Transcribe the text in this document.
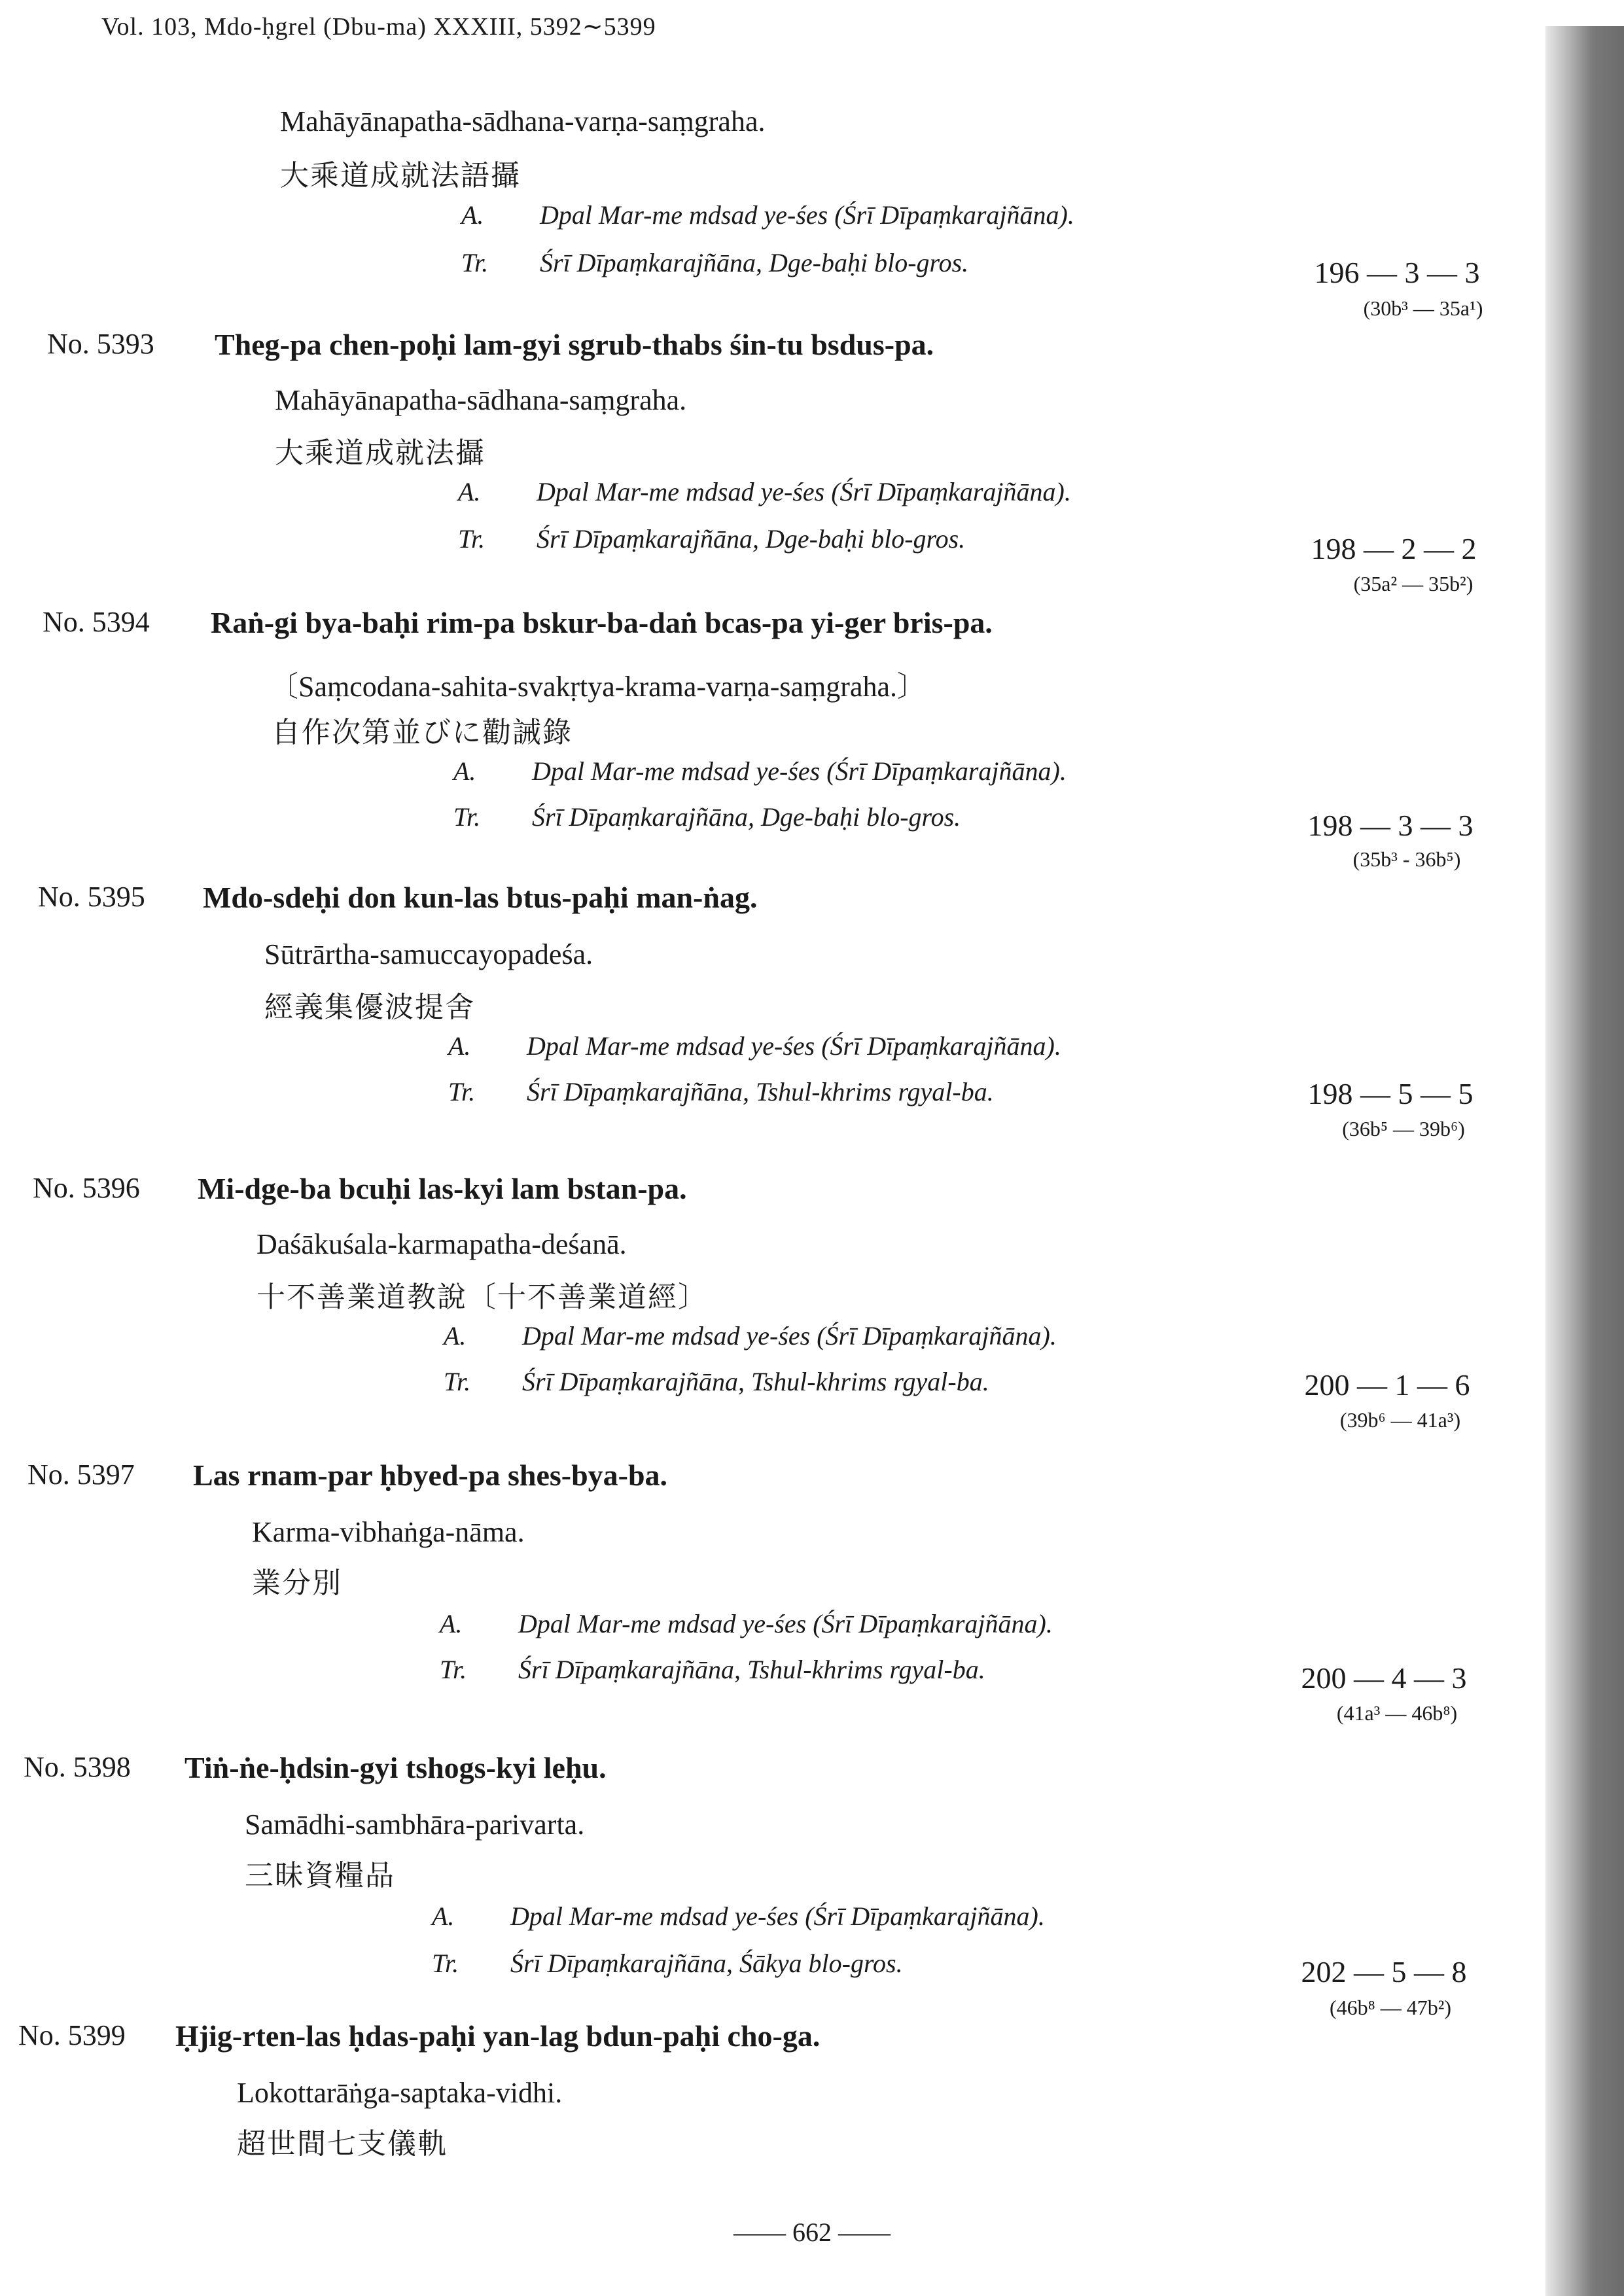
Vol. 103, Mdo-ḥgrel (Dbu-ma) XXXIII, 5392∼5399
Mahāyānapatha-sādhana-varṇa-saṃgraha.
大乘道成就法語攝
A. Dpal Mar-me mdsad ye-śes (Śrī Dīpaṃkarajñāna).
Tr. Śrī Dīpaṃkarajñāna, Dge-baḥi blo-gros.	196 — 3 — 3
(30b³ — 35a¹)
No. 5393 Theg-pa chen-poḥi lam-gyi sgrub-thabs śin-tu bsdus-pa.
Mahāyānapatha-sādhana-saṃgraha.
大乘道成就法攝
A. Dpal Mar-me mdsad ye-śes (Śrī Dīpaṃkarajñāna).
Tr. Śrī Dīpaṃkarajñāna, Dge-baḥi blo-gros.	198 — 2 — 2
(35a² — 35b²)
No. 5394 Raṅ-gi bya-baḥi rim-pa bskur-ba-daṅ bcas-pa yi-ger bris-pa.
〔Saṃcodana-sahita-svakṛtya-krama-varṇa-saṃgraha.〕
自作次第並びに勸誡錄
A. Dpal Mar-me mdsad ye-śes (Śrī Dīpaṃkarajñāna).
Tr. Śrī Dīpaṃkarajñāna, Dge-baḥi blo-gros.	198 — 3 — 3
(35b³ - 36b⁵)
No. 5395 Mdo-sdeḥi don kun-las btus-paḥi man-ṅag.
Sūtrārtha-samuccayopadeśa.
經義集優波提舍
A. Dpal Mar-me mdsad ye-śes (Śrī Dīpaṃkarajñāna).
Tr. Śrī Dīpaṃkarajñāna, Tshul-khrims rgyal-ba.	198 — 5 — 5
(36b⁵ — 39b⁶)
No. 5396 Mi-dge-ba bcuḥi las-kyi lam bstan-pa.
Daśākuśala-karmapatha-deśanā.
十不善業道教說〔十不善業道經〕
A. Dpal Mar-me mdsad ye-śes (Śrī Dīpaṃkarajñāna).
Tr. Śrī Dīpaṃkarajñāna, Tshul-khrims rgyal-ba.	200 — 1 — 6
(39b⁶ — 41a³)
No. 5397 Las rnam-par ḥbyed-pa shes-bya-ba.
Karma-vibhaṅga-nāma.
業分別
A. Dpal Mar-me mdsad ye-śes (Śrī Dīpaṃkarajñāna).
Tr. Śrī Dīpaṃkarajñāna, Tshul-khrims rgyal-ba.	200 — 4 — 3
(41a³ — 46b⁸)
No. 5398 Tiṅ-ṅe-ḥdsin-gyi tshogs-kyi leḥu.
Samādhi-sambhāra-parivarta.
三昧資糧品
A. Dpal Mar-me mdsad ye-śes (Śrī Dīpaṃkarajñāna).
Tr. Śrī Dīpaṃkarajñāna, Śākya blo-gros.	202 — 5 — 8
(46b⁸ — 47b²)
No. 5399 Ḥjig-rten-las ḥdas-paḥi yan-lag bdun-paḥi cho-ga.
Lokottarāṅga-saptaka-vidhi.
超世間七支儀軌
—— 662 ——
